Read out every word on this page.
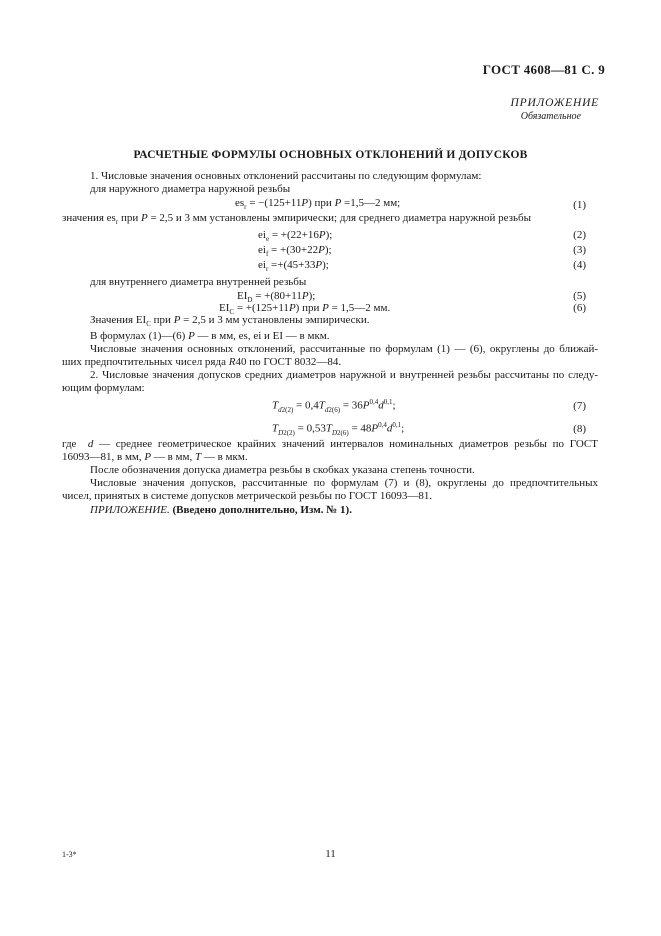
ГОСТ 4608—81 С. 9
ПРИЛОЖЕНИЕ
Обязательное
РАСЧЕТНЫЕ ФОРМУЛЫ ОСНОВНЫХ ОТКЛОНЕНИЙ И ДОПУСКОВ
1. Числовые значения основных отклонений рассчитаны по следующим формулам:
для наружного диаметра наружной резьбы
$es_r = -(125+11P)$ при P =1,5—2 мм;	(1)
значения $es_r$ при P = 2,5 и 3 мм установлены эмпирически; для среднего диаметра наружной резьбы
$ei_e = +(22+16P)$;	(2)
$ei_f = +(30+22P)$;	(3)
$ei_r =+(45+33P)$;	(4)
для внутреннего диаметра внутренней резьбы
$EI_D = +(80+11P)$;	(5)
$EI_C = +(125+11P)$ при P = 1,5—2 мм.	(6)
Значения $EI_C$ при P = 2,5 и 3 мм установлены эмпирически.
В формулах (1)—(6) P — в мм, es, ei и EI — в мкм.
Числовые значения основных отклонений, рассчитанные по формулам (1) — (6), округлены до ближай-
ших предпочтительных чисел ряда R40 по ГОСТ 8032—84.
2. Числовые значения допусков средних диаметров наружной и внутренней резьбы рассчитаны по следу-
ющим формулам:
$T_{d2(2)} = 0,4T_{d2(6)} = 36P^{0,4}d^{0,1}$;	(7)
$T_{D2(2)} = 0,53T_{D2(6)} = 48P^{0,4}d^{0,1}$;	(8)
где  d — среднее геометрическое крайних значений интервалов номинальных диаметров резьбы по ГОСТ
16093—81, в мм, P — в мм, T — в мкм.
После обозначения допуска диаметра резьбы в скобках указана степень точности.
Числовые значения допусков, рассчитанные по формулам (7) и (8), округлены до предпочтительных
чисел, принятых в системе допусков метрической резьбы по ГОСТ 16093—81.
ПРИЛОЖЕНИЕ. (Введено дополнительно, Изм. № 1).
1-3*	11
